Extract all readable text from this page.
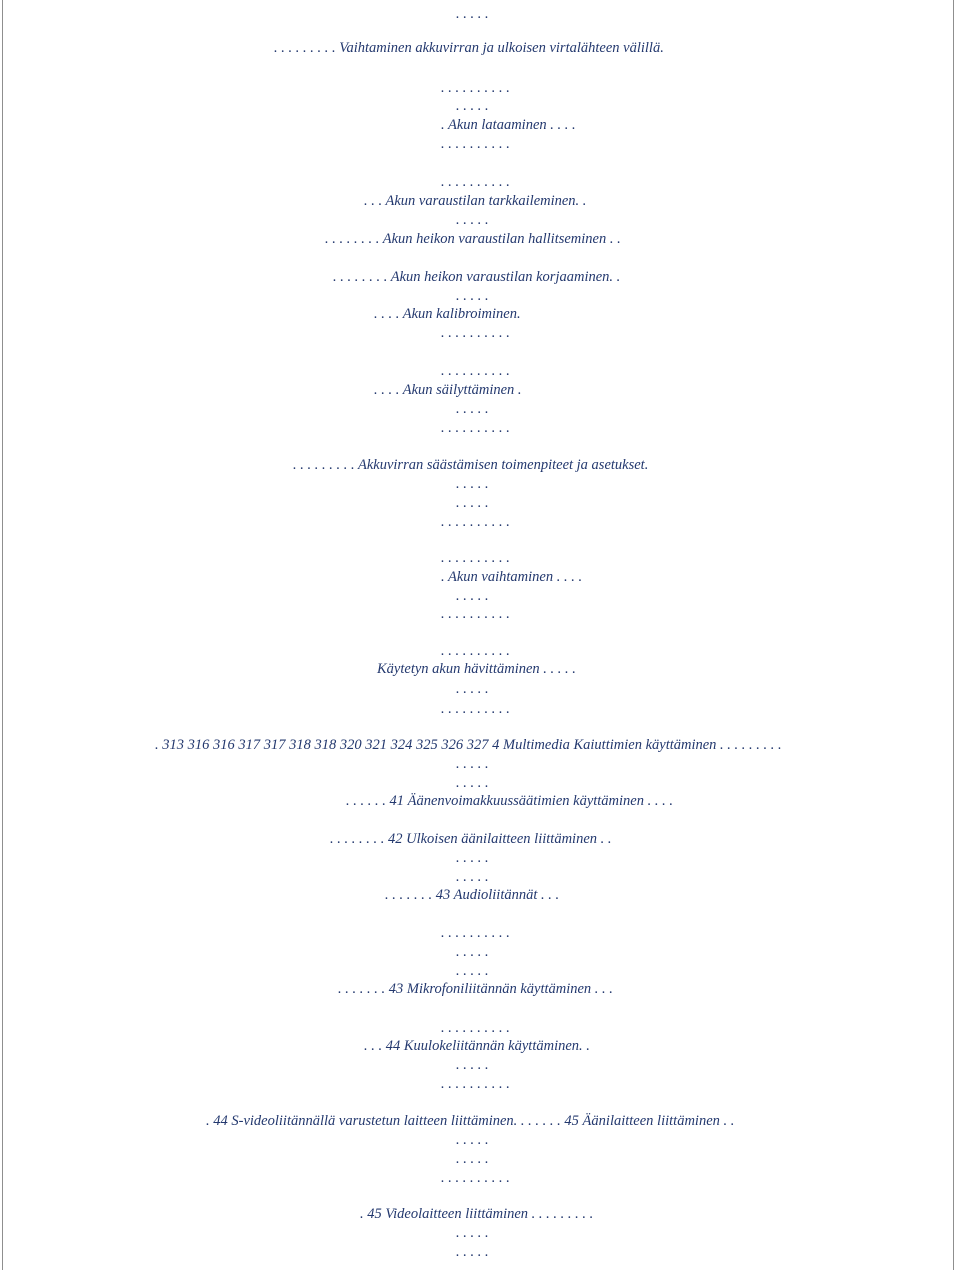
. . . . .
. . . . . . . . . Vaihtaminen akkuvirran ja ulkoisen virtalähteen välillä.
. . . . . . . . . .
. . . . .
. Akun lataaminen . . . .
. . . . . . . . . .
. . . . . . . . . .
. . . Akun varaustilan tarkkaileminen. .
. . . . .
. . . . . . . . Akun heikon varaustilan hallitseminen . .
. . . . . . . . Akun heikon varaustilan korjaaminen. .
. . . . .
. . . . Akun kalibroiminen.
. . . . . . . . . .
. . . . . . . . . .
. . . . Akun säilyttäminen .
. . . . .
. . . . . . . . . .
. . . . . . . . . Akkuvirran säästämisen toimenpiteet ja asetukset.
. . . . .
. . . . .
. . . . . . . . . .
. . . . . . . . . .
. Akun vaihtaminen . . . .
. . . . .
. . . . . . . . . .
. . . . . . . . . .
Käytetyn akun hävittäminen . . . . .
. . . . .
. . . . . . . . . .
. 313 316 316 317 317 318 318 320 321 324 325 326 327 4 Multimedia Kaiuttimien käyttäminen . . . . . . . . .
. . . . .
. . . . .
. . . . . . 41 Äänenvoimakkuussäätimien käyttäminen . . . .
. . . . . . . . 42 Ulkoisen äänilaitteen liittäminen . .
. . . . .
. . . . .
. . . . . . . 43 Audioliitännät . . .
. . . . . . . . . .
. . . . .
. . . . .
. . . . . . . 43 Mikrofoniliitännän käyttäminen . . .
. . . . . . . . . .
. . . 44 Kuulokeliitännän käyttäminen. .
. . . . .
. . . . . . . . . .
. 44 S-videoliitännällä varustetun laitteen liittäminen. . . . . . . 45 Äänilaitteen liittäminen . .
. . . . .
. . . . .
. . . . . . . . . .
. 45 Videolaitteen liittäminen . . . . . . . . .
. . . . .
. . . . .
